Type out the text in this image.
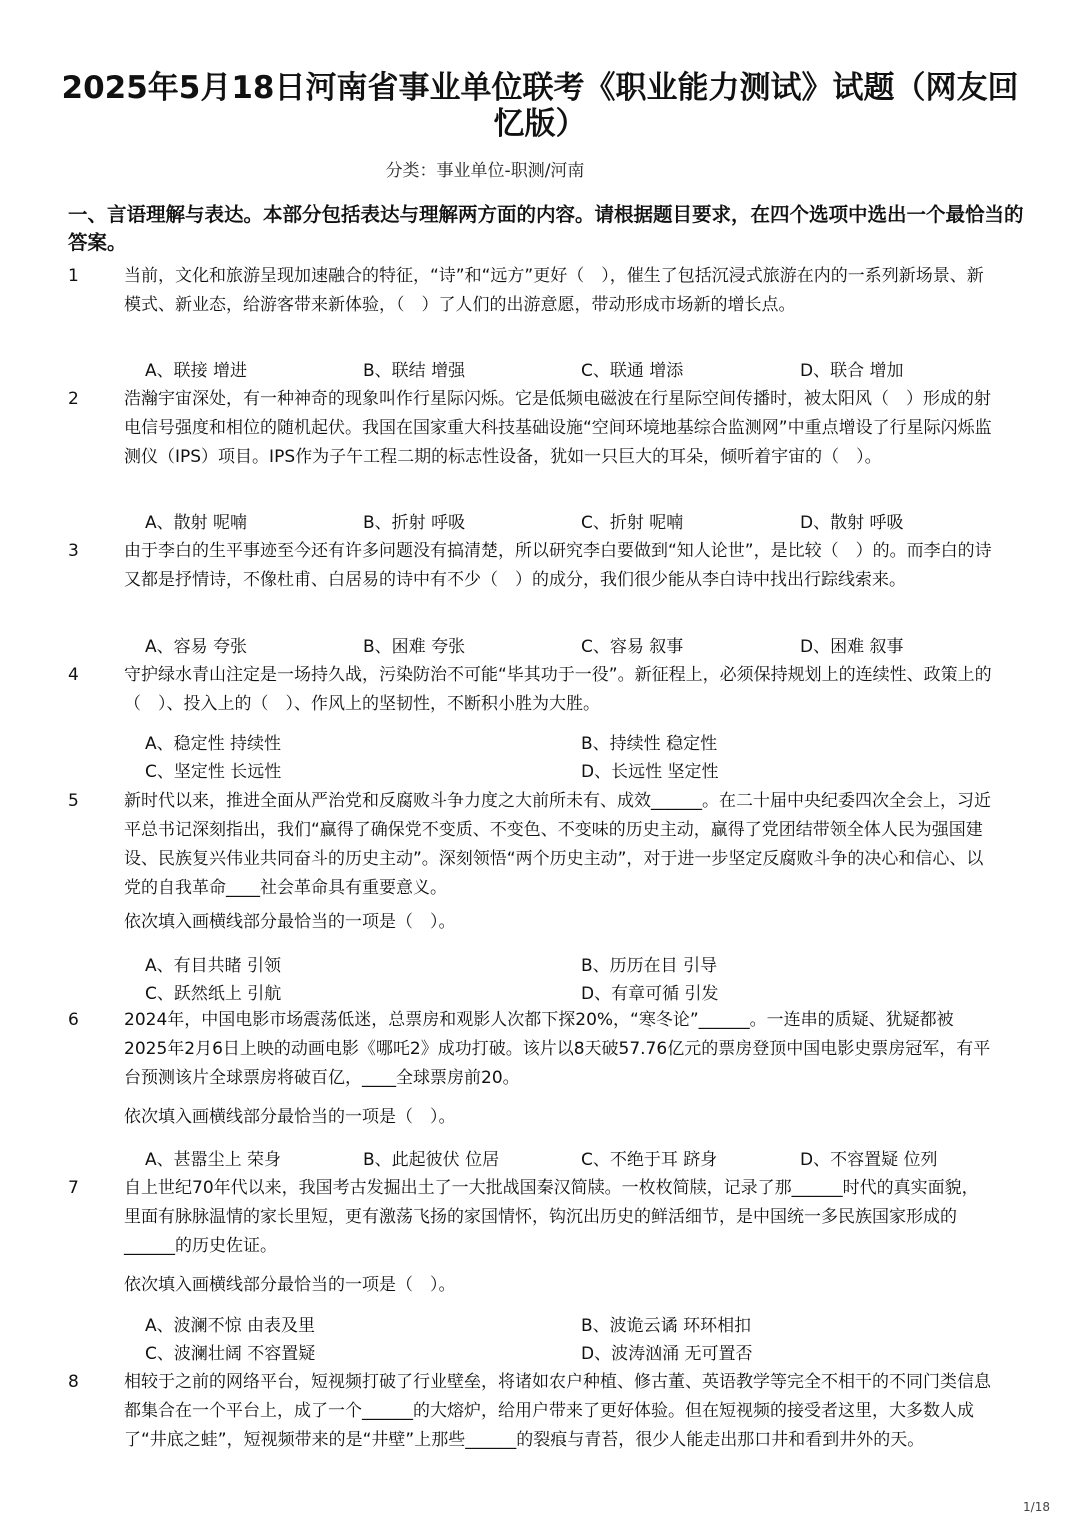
2025年5月18日河南省事业单位联考《职业能力测试》试题（网友回忆版）
分类：事业单位-职测/河南
一、言语理解与表达。本部分包括表达与理解两方面的内容。请根据题目要求，在四个选项中选出一个最恰当的答案。
1	当前，文化和旅游呈现加速融合的特征，“诗”和“远方”更好（　），催生了包括沉浸式旅游在内的一系列新场景、新模式、新业态，给游客带来新体验，（　）了人们的出游意愿，带动形成市场新的增长点。
A、联接 增进	B、联结 增强	C、联通 增添	D、联合 增加
2	浩瀚宇宙深处，有一种神奇的现象叫作行星际闪烁。它是低频电磁波在行星际空间传播时，被太阳风（　）形成的射电信号强度和相位的随机起伏。我国在国家重大科技基础设施“空间环境地基综合监测网”中重点增设了行星际闪烁监测仪（IPS）项目。IPS作为子午工程二期的标志性设备，犹如一只巨大的耳朵，倾听着宇宙的（　）。
A、散射 呢喃	B、折射 呼吸	C、折射 呢喃	D、散射 呼吸
3	由于李白的生平事迹至今还有许多问题没有搞清楚，所以研究李白要做到“知人论世”，是比较（　）的。而李白的诗又都是抒情诗，不像杜甫、白居易的诗中有不少（　）的成分，我们很少能从李白诗中找出行踪线索来。
A、容易 夸张	B、困难 夸张	C、容易 叙事	D、困难 叙事
4	守护绿水青山注定是一场持久战，污染防治不可能“毕其功于一役”。新征程上，必须保持规划上的连续性、政策上的（　）、投入上的（　）、作风上的坚韧性，不断积小胜为大胜。
A、稳定性 持续性	B、持续性 稳定性
C、坚定性 长远性	D、长远性 坚定性
5	新时代以来，推进全面从严治党和反腐败斗争力度之大前所未有、成效______。在二十届中央纪委四次全会上，习近平总书记深刻指出，我们“赢得了确保党不变质、不变色、不变味的历史主动，赢得了党团结带领全体人民为强国建设、民族复兴伟业共同奋斗的历史主动”。深刻领悟“两个历史主动”，对于进一步坚定反腐败斗争的决心和信心、以党的自我革命____社会革命具有重要意义。
依次填入画横线部分最恰当的一项是（　）。
A、有目共睹 引领	B、历历在目 引导
C、跃然纸上 引航	D、有章可循 引发
6	2024年，中国电影市场震荡低迷，总票房和观影人次都下探20%，“寒冬论”______。一连串的质疑、犹疑都被2025年2月6日上映的动画电影《哪吒2》成功打破。该片以8天破57.76亿元的票房登顶中国电影史票房冠军，有平台预测该片全球票房将破百亿，____全球票房前20。
依次填入画横线部分最恰当的一项是（　）。
A、甚嚣尘上 荣身	B、此起彼伏 位居	C、不绝于耳 跻身	D、不容置疑 位列
7	自上世纪70年代以来，我国考古发掘出土了一大批战国秦汉简牍。一枚枚简牍，记录了那______时代的真实面貌，里面有脉脉温情的家长里短，更有激荡飞扬的家国情怀，钩沉出历史的鲜活细节，是中国统一多民族国家形成的______的历史佐证。
依次填入画横线部分最恰当的一项是（　）。
A、波澜不惊 由表及里	B、波诡云谲 环环相扣
C、波澜壮阔 不容置疑	D、波涛汹涌 无可置否
8	相较于之前的网络平台，短视频打破了行业壁垒，将诸如农户种植、修古董、英语教学等完全不相干的不同门类信息都集合在一个平台上，成了一个______的大熔炉，给用户带来了更好体验。但在短视频的接受者这里，大多数人成了“井底之蛙”，短视频带来的是“井壁”上那些______的裂痕与青苔，很少人能走出那口井和看到井外的天。
1/18
